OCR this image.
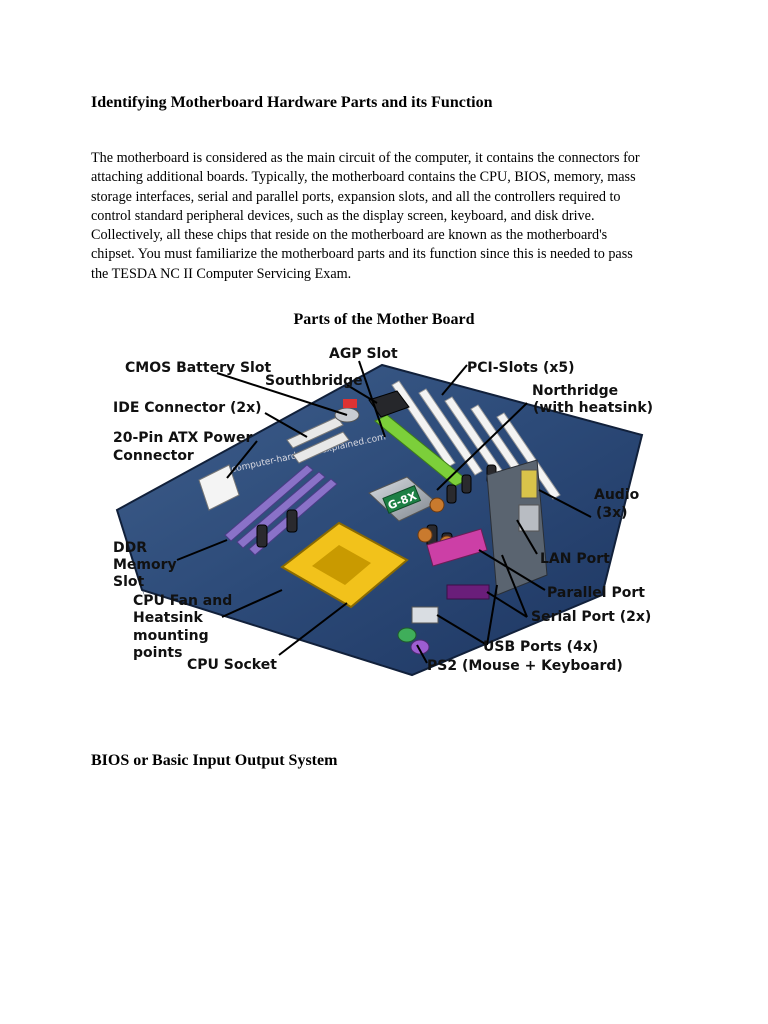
Identifying Motherboard Hardware Parts and its Function
The motherboard is considered as the main circuit of the computer, it contains the connectors for
attaching additional boards. Typically, the motherboard contains the CPU, BIOS, memory, mass
storage interfaces, serial and parallel ports, expansion slots, and all the controllers required to
control standard peripheral devices, such as the display screen, keyboard, and disk drive.
Collectively, all these chips that reside on the motherboard are known as the motherboard's
chipset. You must familiarize the motherboard parts and its function since this is needed to pass
the TESDA NC II Computer Servicing Exam.
Parts of the Mother Board
G-8X
CMOS Battery Slot
AGP Slot
PCI-Slots (x5)
Southbridge
Northridge
(with heatsink)
IDE Connector (2x)
20-Pin ATX Power
Connector
Audio
(3x)
DDR
Memory
Slot
LAN Port
Parallel Port
CPU Fan and
Heatsink
mounting
points
Serial Port (2x)
USB Ports (4x)
CPU Socket	PS2 (Mouse + Keyboard)
BIOS or Basic Input Output System
